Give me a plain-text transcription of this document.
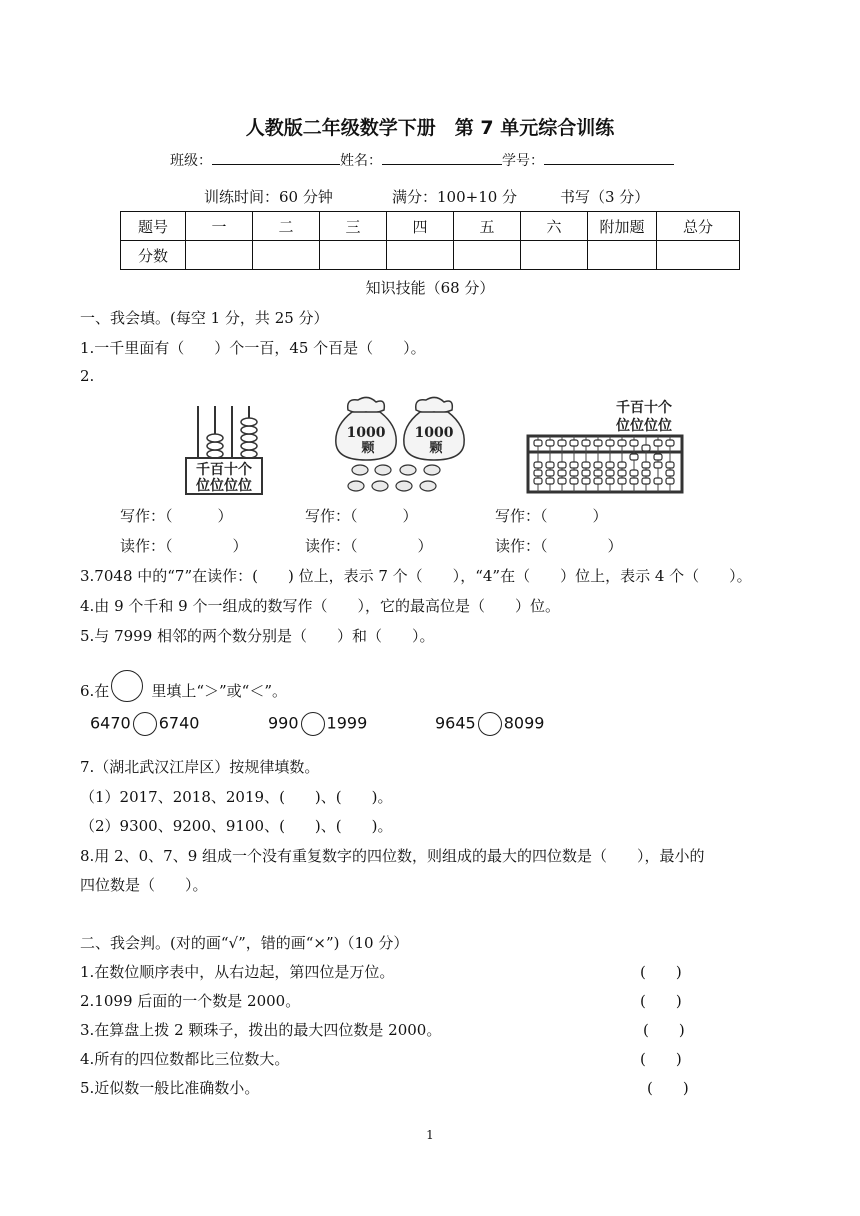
人教版二年级数学下册　第 7 单元综合训练
班级：	姓名：	学号：
训练时间：60 分钟	满分：100+10 分	书写（3 分）
题号	一	二	三	四	五	六	附加题	总分
分数								
知识技能（68 分）
一、我会填。(每空 1 分，共 25 分）
1.一千里面有（　　）个一百，45 个百是（　　）。
2.
千百十个
位位位位
1000
颗
1000
颗
千百十个
位位位位
写作：（　　　）	写作：（　　　）	写作：（　　　）
读作：（　　　　）	读作：（　　　　）	读作：（　　　　）
3.7048 中的“7”在读作：(　　) 位上，表示 7 个（　　），“4”在（　　）位上，表示 4 个（　　）。
4.由 9 个千和 9 个一组成的数写作（　　），它的最高位是（　　）位。
5.与 7999 相邻的两个数分别是（　　）和（　　）。
6.在	里填上“＞”或“＜”。
6470 6740	990 1999	9645 8099
7.（湖北武汉江岸区）按规律填数。
（1）2017、2018、2019、(　　)、(　　)。
（2）9300、9200、9100、(　　)、(　　)。
8.用 2、0、7、9 组成一个没有重复数字的四位数，则组成的最大的四位数是（　　），最小的
四位数是（　　）。
二、我会判。(对的画“√”，错的画“×”)（10 分）
1.在数位顺序表中，从右边起，第四位是万位。	(　　)
2.1099 后面的一个数是 2000。	(　　)
3.在算盘上拨 2 颗珠子，拨出的最大四位数是 2000。	(　　)
4.所有的四位数都比三位数大。	(　　)
5.近似数一般比准确数小。	(　　)
1
